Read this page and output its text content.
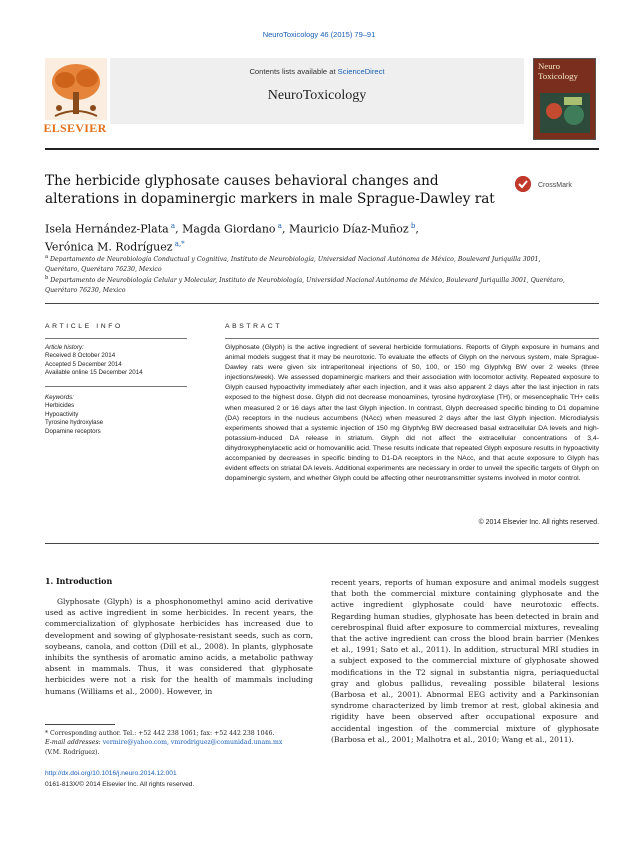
NeuroToxicology 46 (2015) 79–91
ELSEVIER
Contents lists available at ScienceDirect
NeuroToxicology
Neuro
Toxicology
The herbicide glyphosate causes behavioral changes and alterations in dopaminergic markers in male Sprague-Dawley rat
CrossMark
Isela Hernández-Plata $^a$, Magda Giordano $^a$, Mauricio Díaz-Muñoz $^b$,
Verónica M. Rodríguez $^{a,*}$
$^a$ Departamento de Neurobiología Conductual y Cognitiva, Instituto de Neurobiología, Universidad Nacional Autónoma de México, Boulevard Juriquilla 3001, Querétaro, Querétaro 76230, Mexico
$^b$ Departamento de Neurobiología Celular y Molecular, Instituto de Neurobiología, Universidad Nacional Autónoma de México, Boulevard Juriquilla 3001, Querétaro, Querétaro 76230, Mexico
ARTICLE INFO
Article history:
Received 8 October 2014
Accepted 5 December 2014
Available online 15 December 2014
Keywords:
Herbicides
Hypoactivity
Tyrosine hydroxylase
Dopamine receptors
ABSTRACT
Glyphosate (Glyph) is the active ingredient of several herbicide formulations. Reports of Glyph exposure in humans and animal models suggest that it may be neurotoxic. To evaluate the effects of Glyph on the nervous system, male Sprague-Dawley rats were given six intraperitoneal injections of 50, 100, or 150 mg Glyph/kg BW over 2 weeks (three injections/week). We assessed dopaminergic markers and their association with locomotor activity. Repeated exposure to Glyph caused hypoactivity immediately after each injection, and it was also apparent 2 days after the last injection in rats exposed to the highest dose. Glyph did not decrease monoamines, tyrosine hydroxylase (TH), or mesencephalic TH+ cells when measured 2 or 16 days after the last Glyph injection. In contrast, Glyph decreased specific binding to D1 dopamine (DA) receptors in the nucleus accumbens (NAcc) when measured 2 days after the last Glyph injection. Microdialysis experiments showed that a systemic injection of 150 mg Glyph/kg BW decreased basal extracellular DA levels and high-potassium-induced DA release in striatum. Glyph did not affect the extracellular concentrations of 3,4-dihydroxyphenylacetic acid or homovanillic acid. These results indicate that repeated Glyph exposure results in hypoactivity accompanied by decreases in specific binding to D1-DA receptors in the NAcc, and that acute exposure to Glyph has evident effects on striatal DA levels. Additional experiments are necessary in order to unveil the specific targets of Glyph on dopaminergic system, and whether Glyph could be affecting other neurotransmitter systems involved in motor control.
© 2014 Elsevier Inc. All rights reserved.
1. Introduction
Glyphosate (Glyph) is a phosphonomethyl amino acid derivative used as active ingredient in some herbicides. In recent years, the commercialization of glyphosate herbicides has increased due to development and sowing of glyphosate-resistant seeds, such as corn, soybeans, canola, and cotton (Dill et al., 2008). In plants, glyphosate inhibits the synthesis of aromatic amino acids, a metabolic pathway absent in mammals. Thus, it was considered that glyphosate herbicides were not a risk for the health of mammals including humans (Williams et al., 2000). However, in
recent years, reports of human exposure and animal models suggest that both the commercial mixture containing glyphosate and the active ingredient glyphosate could have neurotoxic effects. Regarding human studies, glyphosate has been detected in brain and cerebrospinal fluid after exposure to commercial mixtures, revealing that the active ingredient can cross the blood brain barrier (Menkes et al., 1991; Sato et al., 2011). In addition, structural MRI studies in a subject exposed to the commercial mixture of glyphosate showed modifications in the T2 signal in substantia nigra, periaqueductal gray and globus pallidus, revealing possible bilateral lesions (Barbosa et al., 2001). Abnormal EEG activity and a Parkinsonian syndrome characterized by limb tremor at rest, global akinesia and rigidity have been observed after occupational exposure and accidental ingestion of the commercial mixture of glyphosate (Barbosa et al., 2001; Malhotra et al., 2010; Wang et al., 2011).
* Corresponding author. Tel.: +52 442 238 1061; fax: +52 442 238 1046.
E-mail addresses: vermire@yahoo.com, vmrodriguez@comunidad.unam.mx
(V.M. Rodríguez).
http://dx.doi.org/10.1016/j.neuro.2014.12.001
0161-813X/© 2014 Elsevier Inc. All rights reserved.
